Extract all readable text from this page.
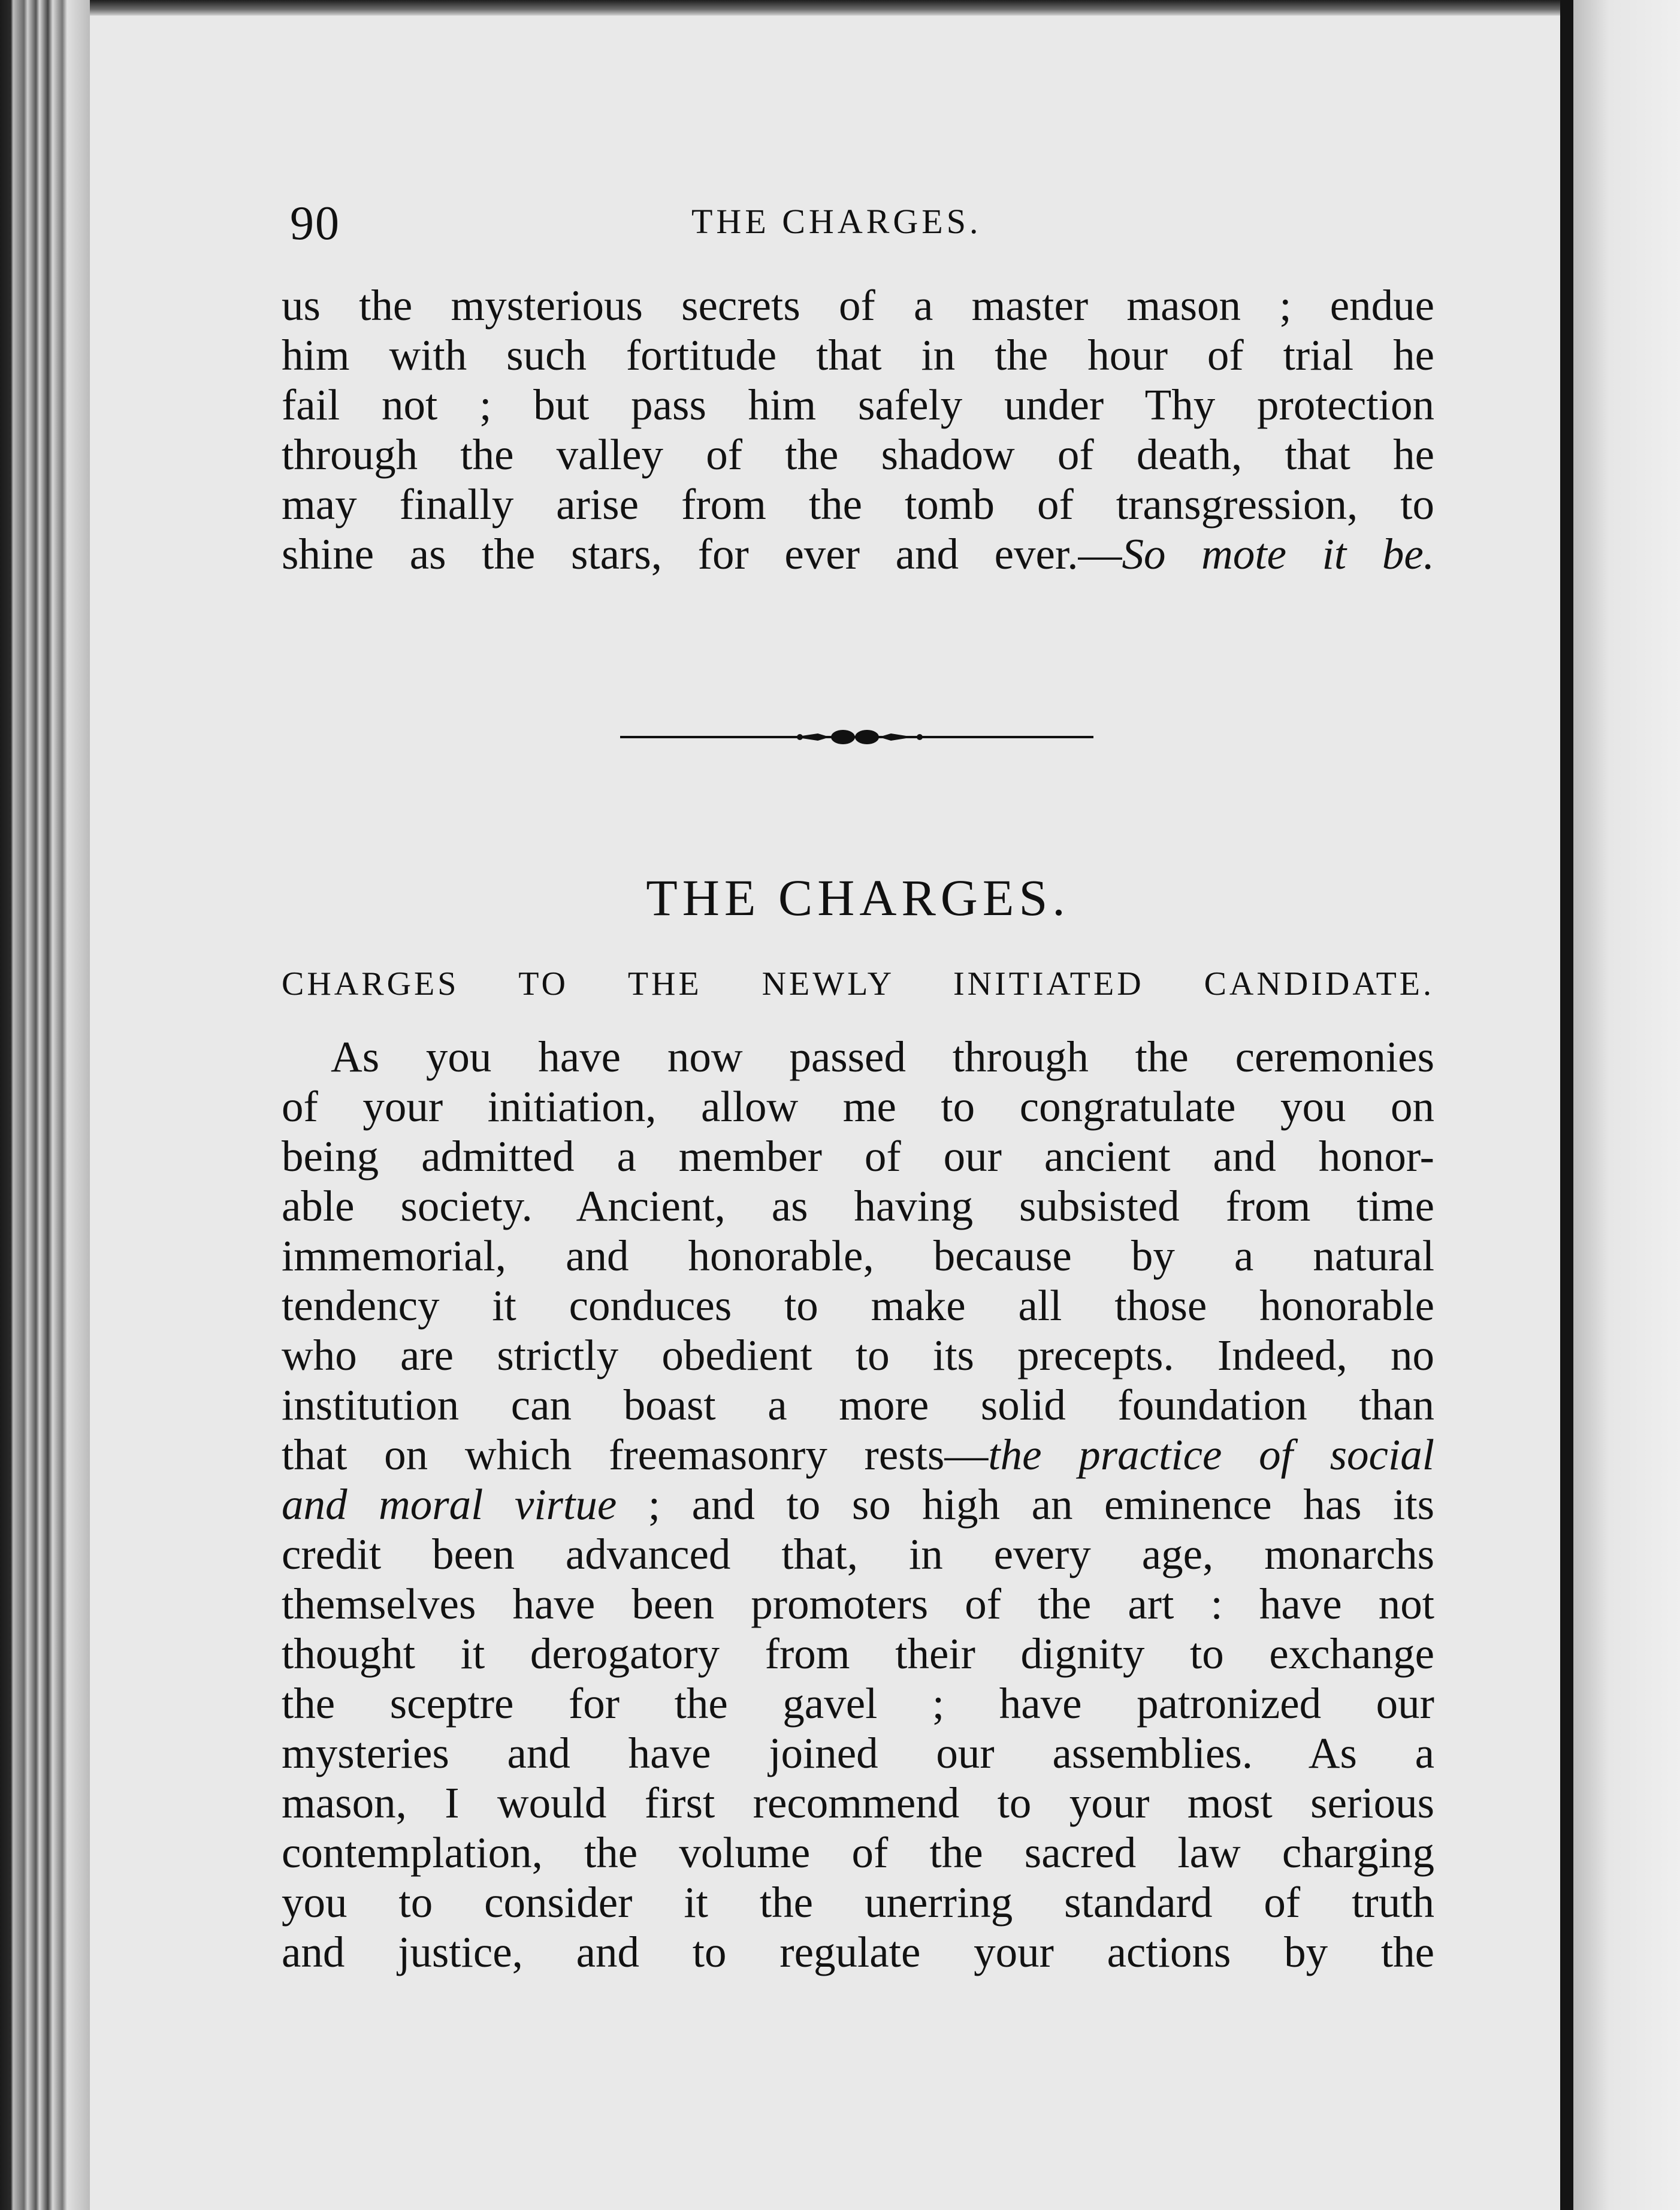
90	THE CHARGES.

us the mysterious secrets of a master mason ; endue
him with such fortitude that in the hour of trial he
fail not ; but pass him safely under Thy protection
through the valley of the shadow of death, that he
may finally arise from the tomb of transgression, to
shine as the stars, for ever and ever.—So mote it be.

THE CHARGES.
CHARGES TO THE NEWLY INITIATED CANDIDATE.

As you have now passed through the ceremonies
of your initiation, allow me to congratulate you on
being admitted a member of our ancient and honor-
able society. Ancient, as having subsisted from time
immemorial, and honorable, because by a natural
tendency it conduces to make all those honorable
who are strictly obedient to its precepts. Indeed, no
institution can boast a more solid foundation than
that on which freemasonry rests—the practice of social
and moral virtue ; and to so high an eminence has its
credit been advanced that, in every age, monarchs
themselves have been promoters of the art : have not
thought it derogatory from their dignity to exchange
the sceptre for the gavel ; have patronized our
mysteries and have joined our assemblies. As a
mason, I would first recommend to your most serious
contemplation, the volume of the sacred law charging
you to consider it the unerring standard of truth
and justice, and to regulate your actions by the
